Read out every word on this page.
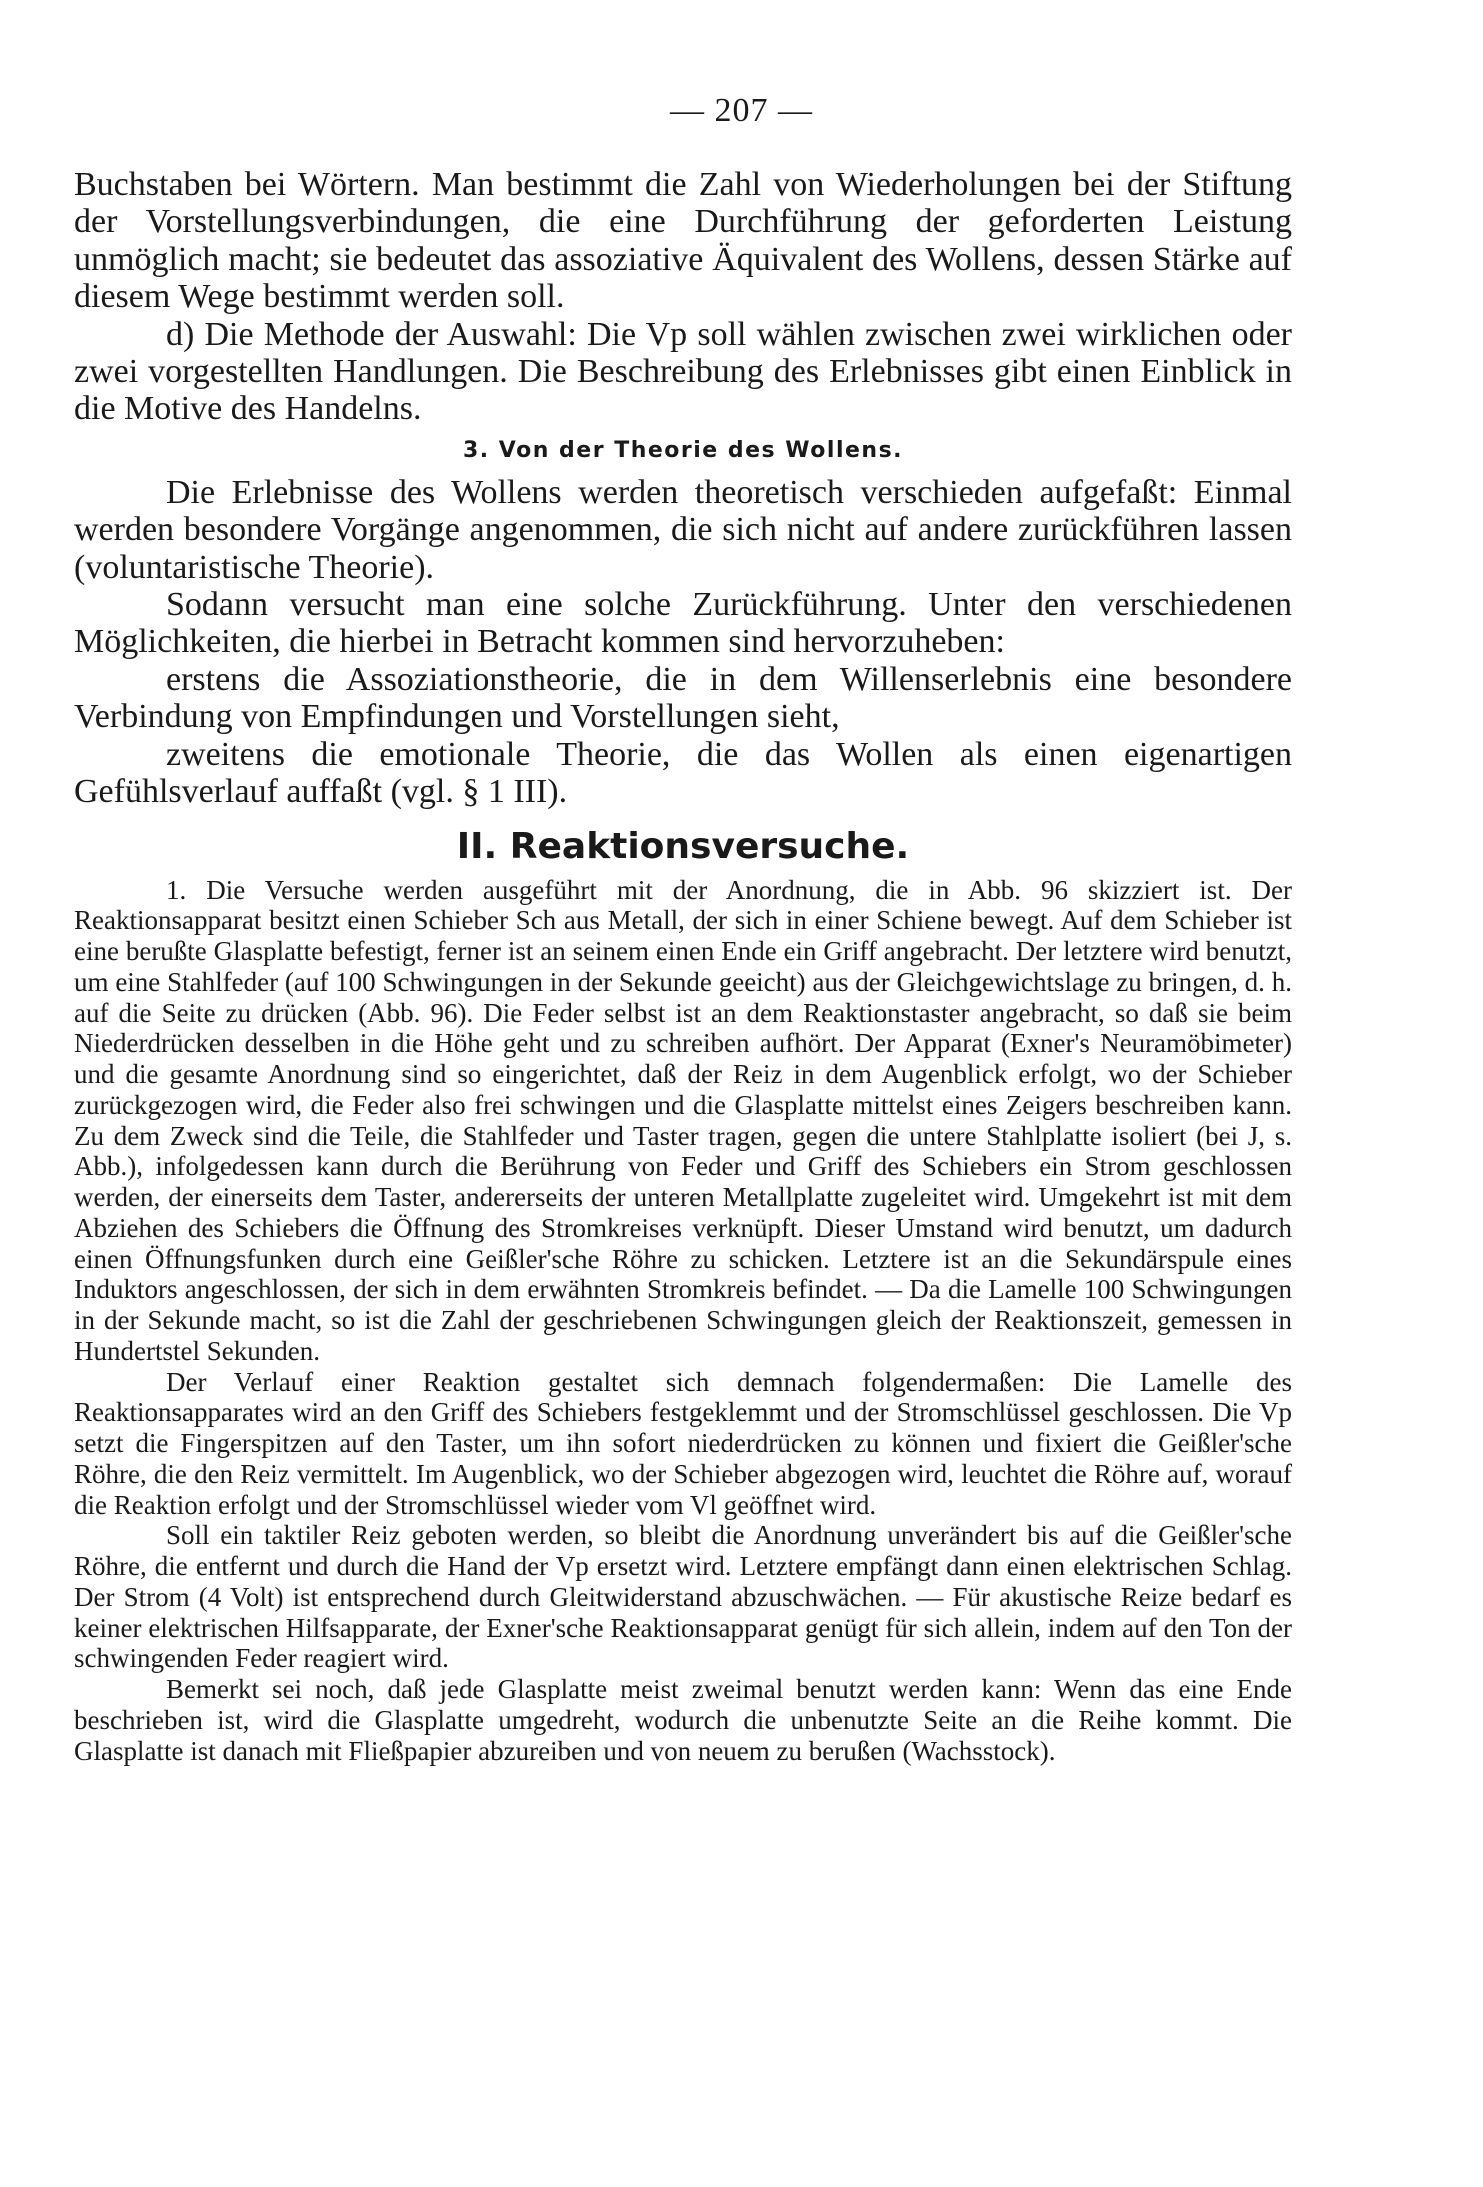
— 207 —

Buchstaben bei Wörtern. Man bestimmt die Zahl von Wiederholungen bei der Stiftung der Vorstellungsverbindungen, die eine Durchführung der geforderten Leistung unmöglich macht; sie bedeutet das assoziative Äquivalent des Wollens, dessen Stärke auf diesem Wege bestimmt werden soll.

d) Die Methode der Auswahl: Die Vp soll wählen zwischen zwei wirklichen oder zwei vorgestellten Handlungen. Die Beschreibung des Erlebnisses gibt einen Einblick in die Motive des Handelns.

3. Von der Theorie des Wollens.

Die Erlebnisse des Wollens werden theoretisch verschieden aufgefaßt: Einmal werden besondere Vorgänge angenommen, die sich nicht auf andere zurückführen lassen (voluntaristische Theorie).

Sodann versucht man eine solche Zurückführung. Unter den verschiedenen Möglichkeiten, die hierbei in Betracht kommen sind hervorzuheben:

erstens die Assoziationstheorie, die in dem Willenserlebnis eine besondere Verbindung von Empfindungen und Vorstellungen sieht,

zweitens die emotionale Theorie, die das Wollen als einen eigenartigen Gefühlsverlauf auffaßt (vgl. § 1 III).

II. Reaktionsversuche.

1. Die Versuche werden ausgeführt mit der Anordnung, die in Abb. 96 skizziert ist. Der Reaktionsapparat besitzt einen Schieber Sch aus Metall, der sich in einer Schiene bewegt. Auf dem Schieber ist eine berußte Glasplatte befestigt, ferner ist an seinem einen Ende ein Griff angebracht. Der letztere wird benutzt, um eine Stahlfeder (auf 100 Schwingungen in der Sekunde geeicht) aus der Gleichgewichtslage zu bringen, d. h. auf die Seite zu drücken (Abb. 96). Die Feder selbst ist an dem Reaktionstaster angebracht, so daß sie beim Niederdrücken desselben in die Höhe geht und zu schreiben aufhört. Der Apparat (Exner's Neuramöbimeter) und die gesamte Anordnung sind so eingerichtet, daß der Reiz in dem Augenblick erfolgt, wo der Schieber zurückgezogen wird, die Feder also frei schwingen und die Glasplatte mittelst eines Zeigers beschreiben kann. Zu dem Zweck sind die Teile, die Stahlfeder und Taster tragen, gegen die untere Stahlplatte isoliert (bei J, s. Abb.), infolgedessen kann durch die Berührung von Feder und Griff des Schiebers ein Strom geschlossen werden, der einerseits dem Taster, andererseits der unteren Metallplatte zugeleitet wird. Umgekehrt ist mit dem Abziehen des Schiebers die Öffnung des Stromkreises verknüpft. Dieser Umstand wird benutzt, um dadurch einen Öffnungsfunken durch eine Geißler'sche Röhre zu schicken. Letztere ist an die Sekundärspule eines Induktors angeschlossen, der sich in dem erwähnten Stromkreis befindet. — Da die Lamelle 100 Schwingungen in der Sekunde macht, so ist die Zahl der geschriebenen Schwingungen gleich der Reaktionszeit, gemessen in Hundertstel Sekunden.

Der Verlauf einer Reaktion gestaltet sich demnach folgendermaßen: Die Lamelle des Reaktionsapparates wird an den Griff des Schiebers festgeklemmt und der Stromschlüssel geschlossen. Die Vp setzt die Fingerspitzen auf den Taster, um ihn sofort niederdrücken zu können und fixiert die Geißler'sche Röhre, die den Reiz vermittelt. Im Augenblick, wo der Schieber abgezogen wird, leuchtet die Röhre auf, worauf die Reaktion erfolgt und der Stromschlüssel wieder vom Vl geöffnet wird.

Soll ein taktiler Reiz geboten werden, so bleibt die Anordnung unverändert bis auf die Geißler'sche Röhre, die entfernt und durch die Hand der Vp ersetzt wird. Letztere empfängt dann einen elektrischen Schlag. Der Strom (4 Volt) ist entsprechend durch Gleitwiderstand abzuschwächen. — Für akustische Reize bedarf es keiner elektrischen Hilfsapparate, der Exner'sche Reaktionsapparat genügt für sich allein, indem auf den Ton der schwingenden Feder reagiert wird.

Bemerkt sei noch, daß jede Glasplatte meist zweimal benutzt werden kann: Wenn das eine Ende beschrieben ist, wird die Glasplatte umgedreht, wodurch die unbenutzte Seite an die Reihe kommt. Die Glasplatte ist danach mit Fließpapier abzureiben und von neuem zu berußen (Wachsstock).
